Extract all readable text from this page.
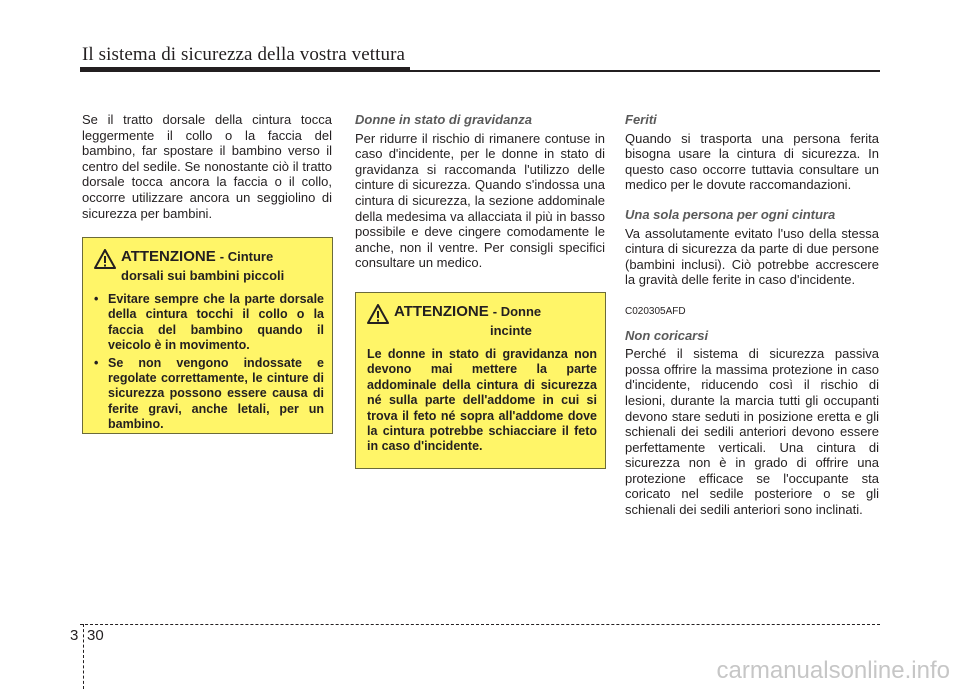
Il sistema di sicurezza della vostra vettura

Se il tratto dorsale della cintura tocca leggermente il collo o la faccia del bambino, far spostare il bambino verso il centro del sedile. Se nonostante ciò il tratto dorsale tocca ancora la faccia o il collo, occorre utilizzare ancora un seggiolino di sicurezza per bambini.

ATTENZIONE - Cinture
dorsali sui bambini piccoli
• Evitare sempre che la parte dorsale della cintura tocchi il collo o la faccia del bambino quando il veicolo è in movimento.
• Se non vengono indossate e regolate correttamente, le cinture di sicurezza possono essere causa di ferite gravi, anche letali, per un bambino.

Donne in stato di gravidanza

Per ridurre il rischio di rimanere contuse in caso d'incidente, per le donne in stato di gravidanza si raccomanda l'utilizzo delle cinture di sicurezza. Quando s'indossa una cintura di sicurezza, la sezione addominale della medesima va allacciata il più in basso possibile e deve cingere comodamente le anche, non il ventre. Per consigli specifici consultare un medico.

ATTENZIONE - Donne
incinte

Le donne in stato di gravidanza non devono mai mettere la parte addominale della cintura di sicurezza né sulla parte dell'addome in cui si trova il feto né sopra all'addome dove la cintura potrebbe schiacciare il feto in caso d'incidente.

Feriti

Quando si trasporta una persona ferita bisogna usare la cintura di sicurezza. In questo caso occorre tuttavia consultare un medico per le dovute raccomandazioni.

Una sola persona per ogni cintura

Va assolutamente evitato l'uso della stessa cintura di sicurezza da parte di due persone (bambini inclusi). Ciò potrebbe accrescere la gravità delle ferite in caso d'incidente.

C020305AFD

Non coricarsi

Perché il sistema di sicurezza passiva possa offrire la massima protezione in caso d'incidente, riducendo così il rischio di lesioni, durante la marcia tutti gli occupanti devono stare seduti in posizione eretta e gli schienali dei sedili anteriori devono essere perfettamente verticali. Una cintura di sicurezza non è in grado di offrire una protezione efficace se l'occupante sta coricato nel sedile posteriore o se gli schienali dei sedili anteriori sono inclinati.

3 30
carmanualsonline.info
